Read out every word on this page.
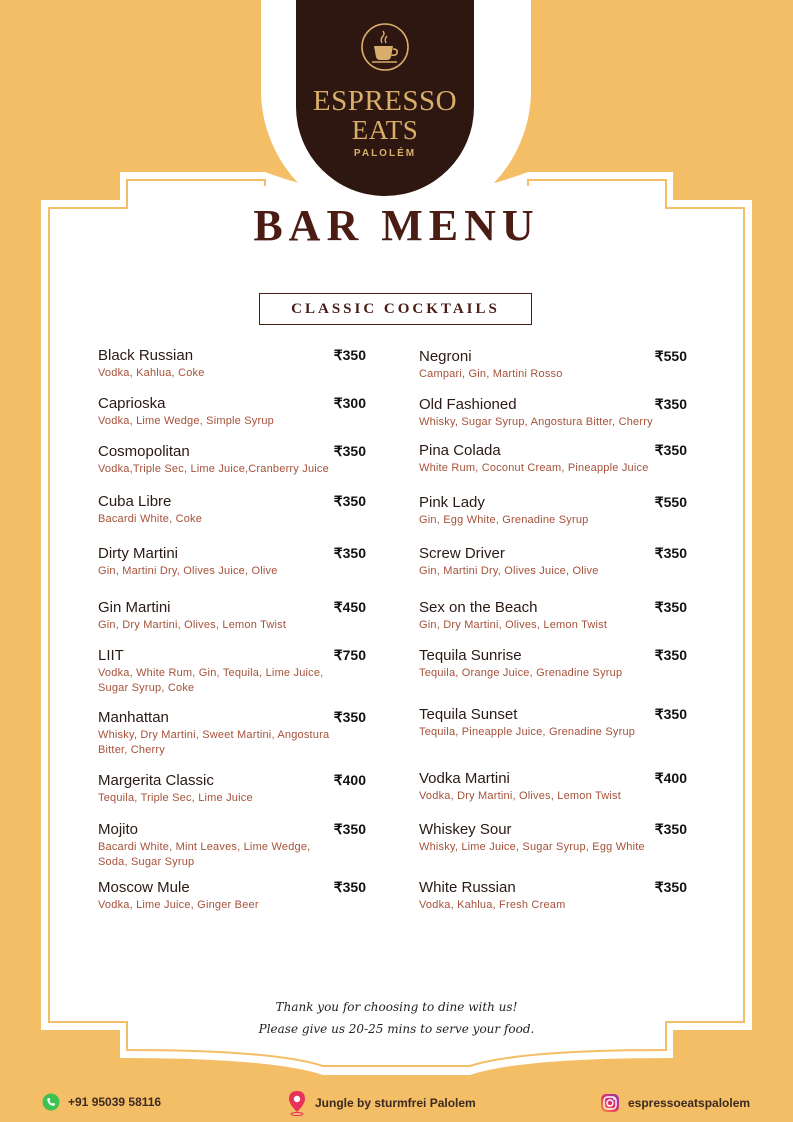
ESPRESSO
EATS
PALOLÉM
BAR MENU
CLASSIC COCKTAILS
Black Russian	₹350
Vodka, Kahlua, Coke
Caprioska	₹300
Vodka, Lime Wedge, Simple Syrup
Cosmopolitan	₹350
Vodka,Triple Sec, Lime Juice,Cranberry Juice
Cuba Libre	₹350
Bacardi White, Coke
Dirty Martini	₹350
Gin, Martini Dry, Olives Juice, Olive
Gin Martini	₹450
Gin, Dry Martini, Olives, Lemon Twist
LIIT	₹750
Vodka, White Rum, Gin, Tequila, Lime Juice, Sugar Syrup, Coke
Manhattan	₹350
Whisky, Dry Martini, Sweet Martini, Angostura Bitter, Cherry
Margerita Classic	₹400
Tequila, Triple Sec, Lime Juice
Mojito	₹350
Bacardi White, Mint Leaves, Lime Wedge, Soda, Sugar Syrup
Moscow Mule	₹350
Vodka, Lime Juice, Ginger Beer
Negroni	₹550
Campari, Gin, Martini Rosso
Old Fashioned	₹350
Whisky, Sugar Syrup, Angostura Bitter, Cherry
Pina Colada	₹350
White Rum, Coconut Cream, Pineapple Juice
Pink Lady	₹550
Gin, Egg White, Grenadine Syrup
Screw Driver	₹350
Gin, Martini Dry, Olives Juice, Olive
Sex on the Beach	₹350
Gin, Dry Martini, Olives, Lemon Twist
Tequila Sunrise	₹350
Tequila, Orange Juice, Grenadine Syrup
Tequila Sunset	₹350
Tequila, Pineapple Juice, Grenadine Syrup
Vodka Martini	₹400
Vodka, Dry Martini, Olives, Lemon Twist
Whiskey Sour	₹350
Whisky, Lime Juice, Sugar Syrup, Egg White
White Russian	₹350
Vodka, Kahlua, Fresh Cream
Thank you for choosing to dine with us!
Please give us 20-25 mins to serve your food.
+91 95039 58116	Jungle by sturmfrei Palolem	espressoeatspalolem
